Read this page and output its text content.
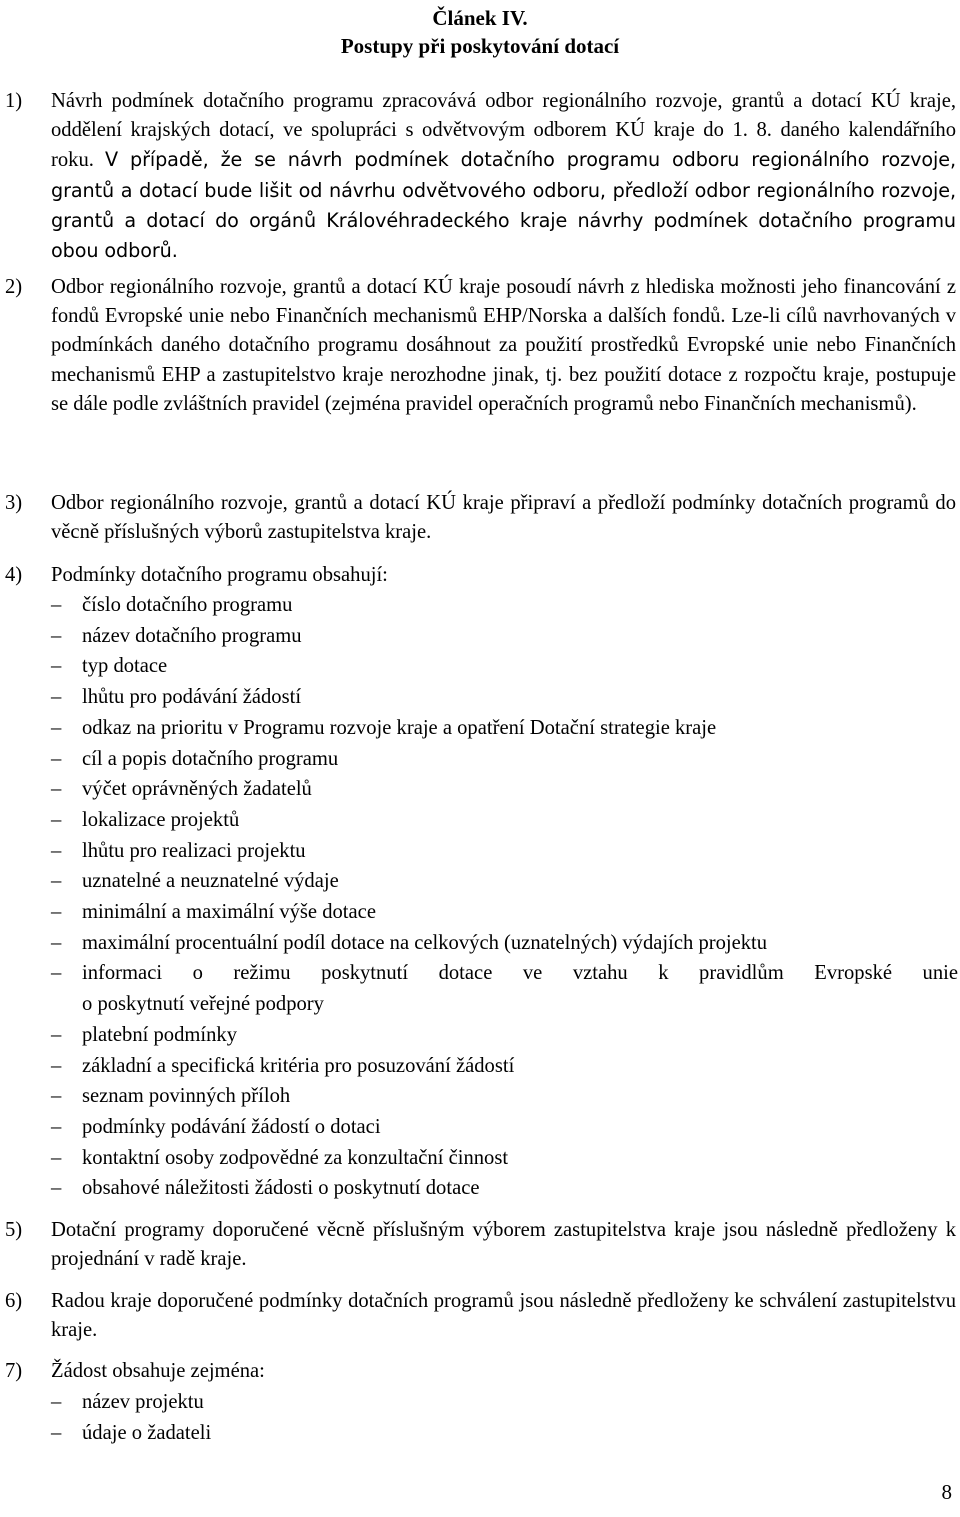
Článek IV.
Postupy při poskytování dotací
1) Návrh podmínek dotačního programu zpracovává odbor regionálního rozvoje, grantů a dotací KÚ kraje, oddělení krajských dotací, ve spolupráci s odvětvovým odborem KÚ kraje do 1. 8. daného kalendářního roku. V případě, že se návrh podmínek dotačního programu odboru regionálního rozvoje, grantů a dotací bude lišit od návrhu odvětvového odboru, předloží odbor regionálního rozvoje, grantů a dotací do orgánů Královéhradeckého kraje návrhy podmínek dotačního programu obou odborů.
2) Odbor regionálního rozvoje, grantů a dotací KÚ kraje posoudí návrh z hlediska možnosti jeho financování z fondů Evropské unie nebo Finančních mechanismů EHP/Norska a dalších fondů. Lze-li cílů navrhovaných v podmínkách daného dotačního programu dosáhnout za použití prostředků Evropské unie nebo Finančních mechanismů EHP a zastupitelstvo kraje nerozhodne jinak, tj. bez použití dotace z rozpočtu kraje, postupuje se dále podle zvláštních pravidel (zejména pravidel operačních programů nebo Finančních mechanismů).
3) Odbor regionálního rozvoje, grantů a dotací KÚ kraje připraví a předloží podmínky dotačních programů do věcně příslušných výborů zastupitelstva kraje.
4) Podmínky dotačního programu obsahují:
– číslo dotačního programu
– název dotačního programu
– typ dotace
– lhůtu pro podávání žádostí
– odkaz na prioritu v Programu rozvoje kraje a opatření Dotační strategie kraje
– cíl a popis dotačního programu
– výčet oprávněných žadatelů
– lokalizace projektů
– lhůtu pro realizaci projektu
– uznatelné a neuznatelné výdaje
– minimální a maximální výše dotace
– maximální procentuální podíl dotace na celkových (uznatelných) výdajích projektu
– informaci o režimu poskytnutí dotace ve vztahu k pravidlům Evropské unie
o poskytnutí veřejné podpory
– platební podmínky
– základní a specifická kritéria pro posuzování žádostí
– seznam povinných příloh
– podmínky podávání žádostí o dotaci
– kontaktní osoby zodpovědné za konzultační činnost
– obsahové náležitosti žádosti o poskytnutí dotace
5) Dotační programy doporučené věcně příslušným výborem zastupitelstva kraje jsou následně předloženy k projednání v radě kraje.
6) Radou kraje doporučené podmínky dotačních programů jsou následně předloženy ke schválení zastupitelstvu kraje.
7) Žádost obsahuje zejména:
– název projektu
– údaje o žadateli
8
